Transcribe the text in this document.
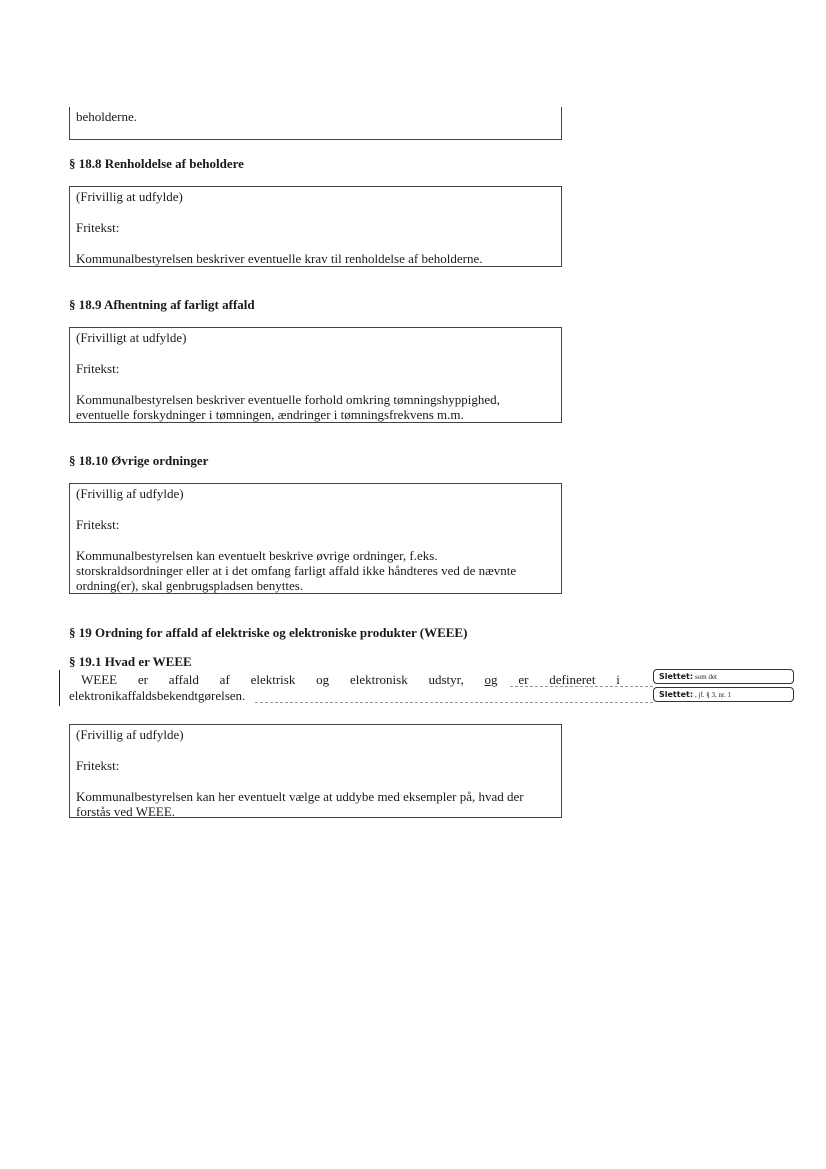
beholderne.
§ 18.8 Renholdelse af beholdere

(Frivillig at udfylde)

Fritekst:

Kommunalbestyrelsen beskriver eventuelle krav til renholdelse af beholderne.

§ 18.9 Afhentning af farligt affald

(Frivilligt at udfylde)

Fritekst:

Kommunalbestyrelsen beskriver eventuelle forhold omkring tømningshyppighed,

eventuelle forskydninger i tømningen, ændringer i tømningsfrekvens m.m.

§ 18.10 Øvrige ordninger

(Frivillig af udfylde)

Fritekst:

Kommunalbestyrelsen kan eventuelt beskrive øvrige ordninger, f.eks.

storskraldsordninger eller at i det omfang farligt affald ikke håndteres ved de nævnte

ordning(er), skal genbrugspladsen benyttes.

§ 19 Ordning for affald af elektriske og elektroniske produkter (WEEE)
§ 19.1 Hvad er WEEE
WEEE er affald af elektrisk og elektronisk udstyr, og er defineret i
elektronikaffaldsbekendtgørelsen.
Slettet: som det
Slettet: , jf. § 3, nr. 1

(Frivillig af udfylde)

Fritekst:

Kommunalbestyrelsen kan her eventuelt vælge at uddybe med eksempler på, hvad der

forstås ved WEEE.
